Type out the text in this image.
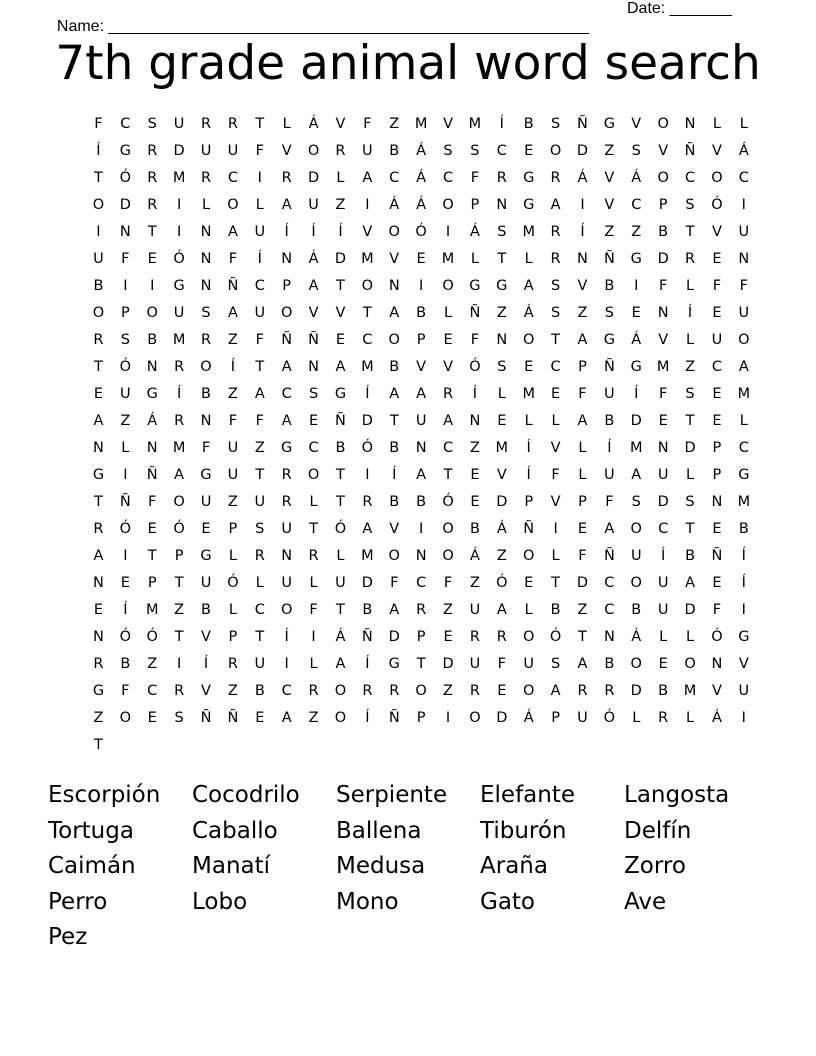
Name: ______________________________________________________

Date: _______

7th grade animal word search
F	C	S	U	R	R	T	L	Á	V	F	Z	M	V	M	Í	B	S	Ñ	G	V	O	N	L	L
Í	G	R	D	U	U	F	V	O	R	U	B	Á	S	S	C	E	O	D	Z	S	V	Ñ	V	Á
T	Ó	R	M	R	C	I	R	D	L	A	C	Á	C	F	R	G	R	Á	V	Á	O	C	O	C
O	D	R	I	L	O	L	A	U	Z	I	Á	Á	O	P	N	G	A	I	V	C	P	S	Ó	I
I	N	T	I	N	A	U	Í	Í	Í	V	O	Ó	I	Á	S	M	R	Í	Z	Z	B	T	V	U
U	F	E	Ó	N	F	Í	N	Á	D	M	V	E	M	L	T	L	R	N	Ñ	G	D	R	E	N
B	I	I	G	N	Ñ	C	P	A	T	O	N	I	O	G	G	A	S	V	B	I	F	L	F	F
O	P	O	U	S	A	U	O	V	V	T	A	B	L	Ñ	Z	Á	S	Z	S	E	N	Í	E	U
R	S	B	M	R	Z	F	Ñ	Ñ	E	C	O	P	E	F	N	O	T	A	G	Á	V	L	U	O
T	Ó	N	R	O	Í	T	A	N	A	M	B	V	V	Ó	S	E	C	P	Ñ	G	M	Z	C	A
E	U	G	Í	B	Z	A	C	S	G	Í	A	A	R	Í	L	M	E	F	U	Í	F	S	E	M
A	Z	Á	R	N	F	F	A	E	Ñ	D	T	U	A	N	E	L	L	A	B	D	E	T	E	L
N	L	N	M	F	U	Z	G	C	B	Ó	B	N	C	Z	M	Í	V	L	Í	M	N	D	P	C
G	I	Ñ	A	G	U	T	R	O	T	I	Í	A	T	E	V	Í	F	L	U	A	U	L	P	G
T	Ñ	F	O	U	Z	U	R	L	T	R	B	B	Ó	E	D	P	V	P	F	S	D	S	N	M
R	Ó	E	Ó	E	P	S	U	T	Ó	A	V	I	O	B	Á	Ñ	I	E	A	O	C	T	E	B
A	I	T	P	G	L	R	N	R	L	M	O	N	O	Á	Z	O	L	F	Ñ	U	Í	B	Ñ	Í
N	E	P	T	U	Ó	L	U	L	U	D	F	C	F	Z	Ó	E	T	D	C	O	U	A	E	Í
E	Í	M	Z	B	L	C	O	F	T	B	A	R	Z	U	A	L	B	Z	C	B	U	D	F	I
N	Ó	Ó	T	V	P	T	Í	I	Á	Ñ	D	P	E	R	R	O	Ó	T	N	Á	L	L	Ó	G
R	B	Z	I	Í	R	U	I	L	A	Í	G	T	D	U	F	U	S	A	B	O	E	O	N	V
G	F	C	R	V	Z	B	C	R	O	R	R	O	Z	R	E	O	A	R	R	D	B	M	V	U
Z	O	E	S	Ñ	Ñ	E	A	Z	O	Í	Ñ	P	I	O	D	Á	P	U	Ó	L	R	L	Á	I
T
Escorpión	Cocodrilo	Serpiente	Elefante	Langosta
Tortuga	Caballo	Ballena	Tiburón	Delfín
Caimán	Manatí	Medusa	Araña	Zorro
Perro	Lobo	Mono	Gato	Ave
Pez
